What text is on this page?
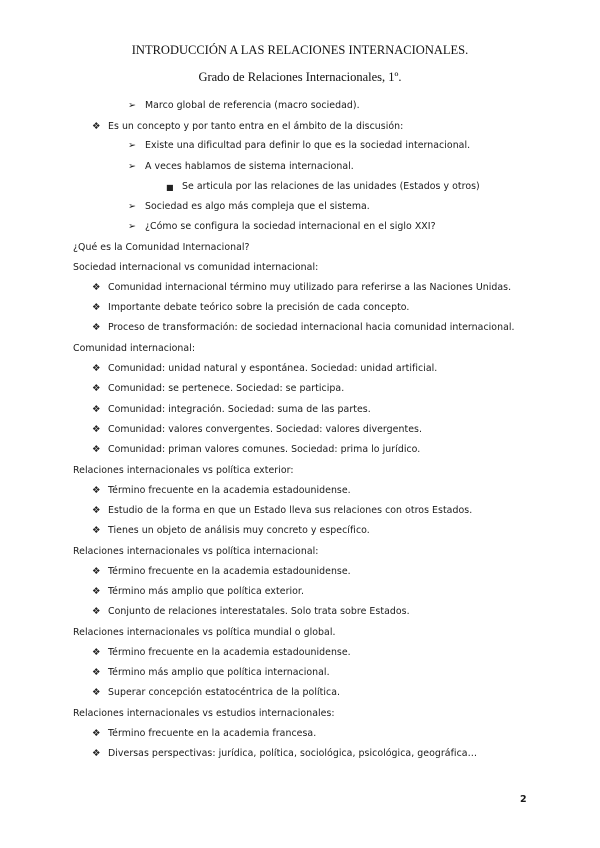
INTRODUCCIÓN A LAS RELACIONES INTERNACIONALES.
Grado de Relaciones Internacionales, 1º.
➢ Marco global de referencia (macro sociedad).
❖ Es un concepto y por tanto entra en el ámbito de la discusión:
➢ Existe una dificultad para definir lo que es la sociedad internacional.
➢ A veces hablamos de sistema internacional.
■ Se articula por las relaciones de las unidades (Estados y otros)
➢ Sociedad es algo más compleja que el sistema.
➢ ¿Cómo se configura la sociedad internacional en el siglo XXI?
¿Qué es la Comunidad Internacional?
Sociedad internacional vs comunidad internacional:
❖ Comunidad internacional término muy utilizado para referirse a las Naciones Unidas.
❖ Importante debate teórico sobre la precisión de cada concepto.
❖ Proceso de transformación: de sociedad internacional hacia comunidad internacional.
Comunidad internacional:
❖ Comunidad: unidad natural y espontánea. Sociedad: unidad artificial.
❖ Comunidad: se pertenece. Sociedad: se participa.
❖ Comunidad: integración. Sociedad: suma de las partes.
❖ Comunidad: valores convergentes. Sociedad: valores divergentes.
❖ Comunidad: priman valores comunes. Sociedad: prima lo jurídico.
Relaciones internacionales vs política exterior:
❖ Término frecuente en la academia estadounidense.
❖ Estudio de la forma en que un Estado lleva sus relaciones con otros Estados.
❖ Tienes un objeto de análisis muy concreto y específico.
Relaciones internacionales vs política internacional:
❖ Término frecuente en la academia estadounidense.
❖ Término más amplio que política exterior.
❖ Conjunto de relaciones interestatales. Solo trata sobre Estados.
Relaciones internacionales vs política mundial o global.
❖ Término frecuente en la academia estadounidense.
❖ Término más amplio que política internacional.
❖ Superar concepción estatocéntrica de la política.
Relaciones internacionales vs estudios internacionales:
❖ Término frecuente en la academia francesa.
❖ Diversas perspectivas: jurídica, política, sociológica, psicológica, geográfica…
2
